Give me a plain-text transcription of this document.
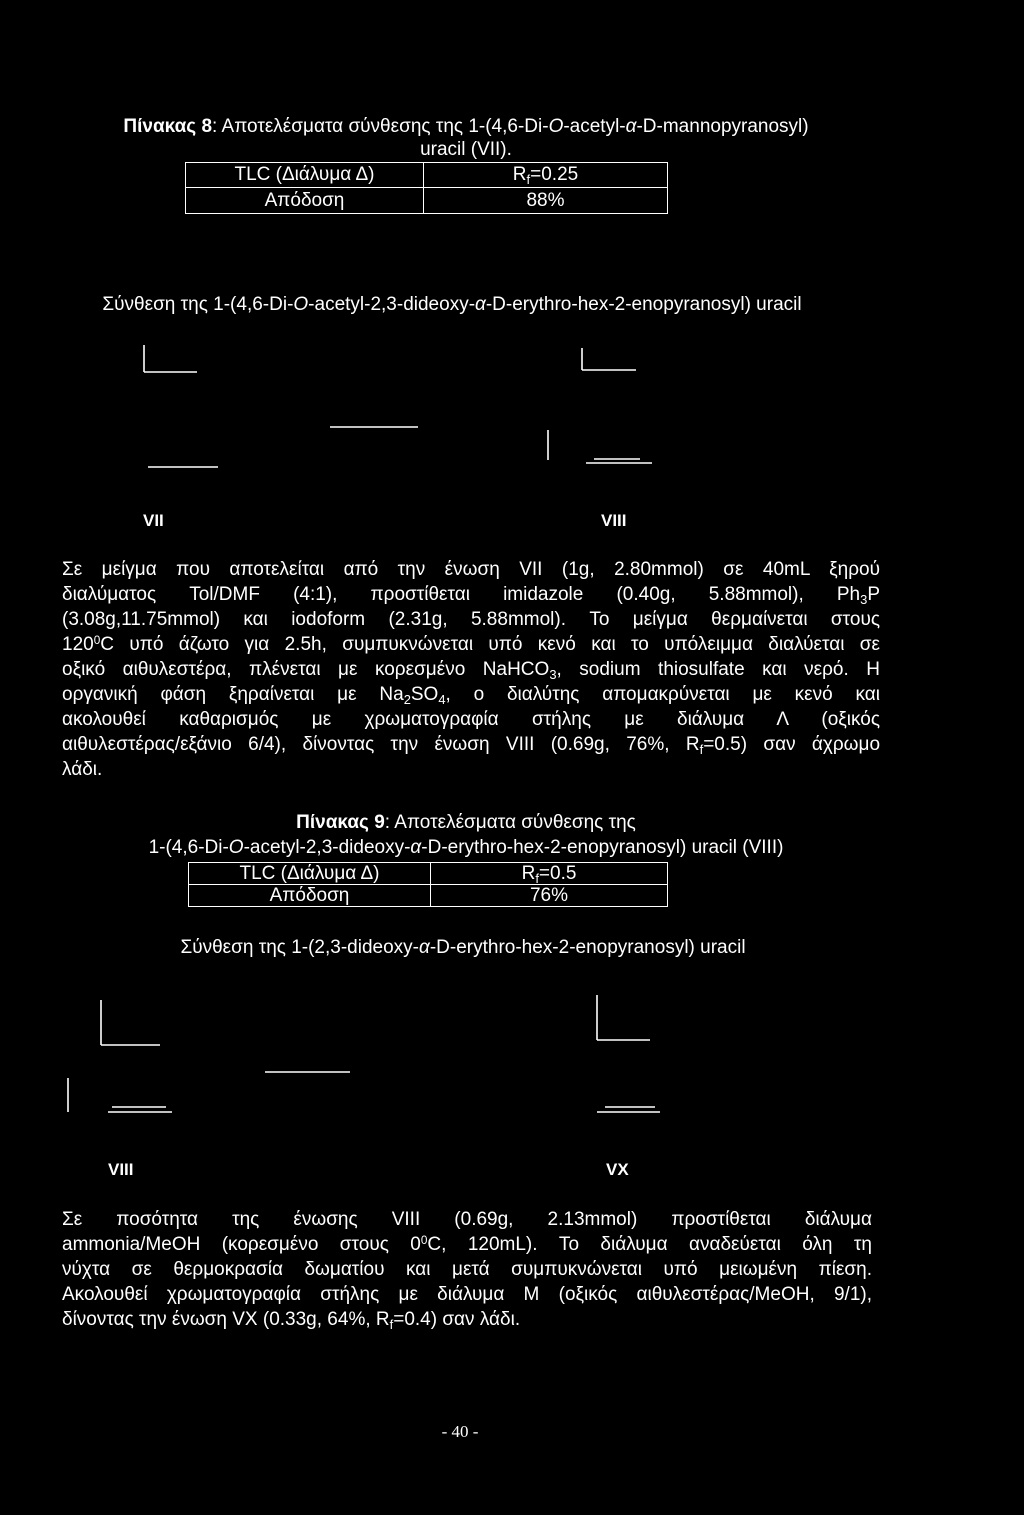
Πίνακας 8: Αποτελέσματα σύνθεσης της 1-(4,6-Di-O-acetyl-α-D-mannopyranosyl)
uracil (VII).
TLC (Διάλυμα Δ)	$R_f=0.25$
Απόδοση	88%
Σύνθεση της 1-(4,6-Di-O-acetyl-2,3-dideoxy-α-D-erythro-hex-2-enopyranosyl) uracil
VII	VIII
Σε μείγμα που αποτελείται από την ένωση VII (1g, 2.80mmol) σε 40mL ξηρού
διαλύματος Tol/DMF (4:1), προστίθεται imidazole (0.40g, 5.88mmol), $Ph_3P$
(3.08g,11.75mmol) και iodoform (2.31g, 5.88mmol). Το μείγμα θερμαίνεται στους
$120^0C$ υπό άζωτο για 2.5h, συμπυκνώνεται υπό κενό και το υπόλειμμα διαλύεται σε
οξικό αιθυλεστέρα, πλένεται με κορεσμένο NaHCO$_3$, sodium thiosulfate και νερό. Η
οργανική φάση ξηραίνεται με $Na_2SO_4$, ο διαλύτης απομακρύνεται με κενό και
ακολουθεί καθαρισμός με χρωματογραφία στήλης με διάλυμα Λ (οξικός
αιθυλεστέρας/εξάνιο 6/4), δίνοντας την ένωση VIII (0.69g, 76%, $R_f=0.5$) σαν άχρωμο
λάδι.
Πίνακας 9: Αποτελέσματα σύνθεσης της
1-(4,6-Di-O-acetyl-2,3-dideoxy-α-D-erythro-hex-2-enopyranosyl) uracil (VIII)
TLC (Διάλυμα Δ)	$R_f=0.5$
Απόδοση	76%
Σύνθεση της 1-(2,3-dideoxy-α-D-erythro-hex-2-enopyranosyl) uracil
VIII	VX
Σε ποσότητα της ένωσης VIII (0.69g, 2.13mmol) προστίθεται διάλυμα
ammonia/MeOH (κορεσμένο στους $0^0C$, 120mL). Το διάλυμα αναδεύεται όλη τη
νύχτα σε θερμοκρασία δωματίου και μετά συμπυκνώνεται υπό μειωμένη πίεση.
Ακολουθεί χρωματογραφία στήλης με διάλυμα Μ (οξικός αιθυλεστέρας/MeOH, 9/1),
δίνοντας την ένωση VX (0.33g, 64%, $R_f=0.4$) σαν λάδι.
- 40 -
